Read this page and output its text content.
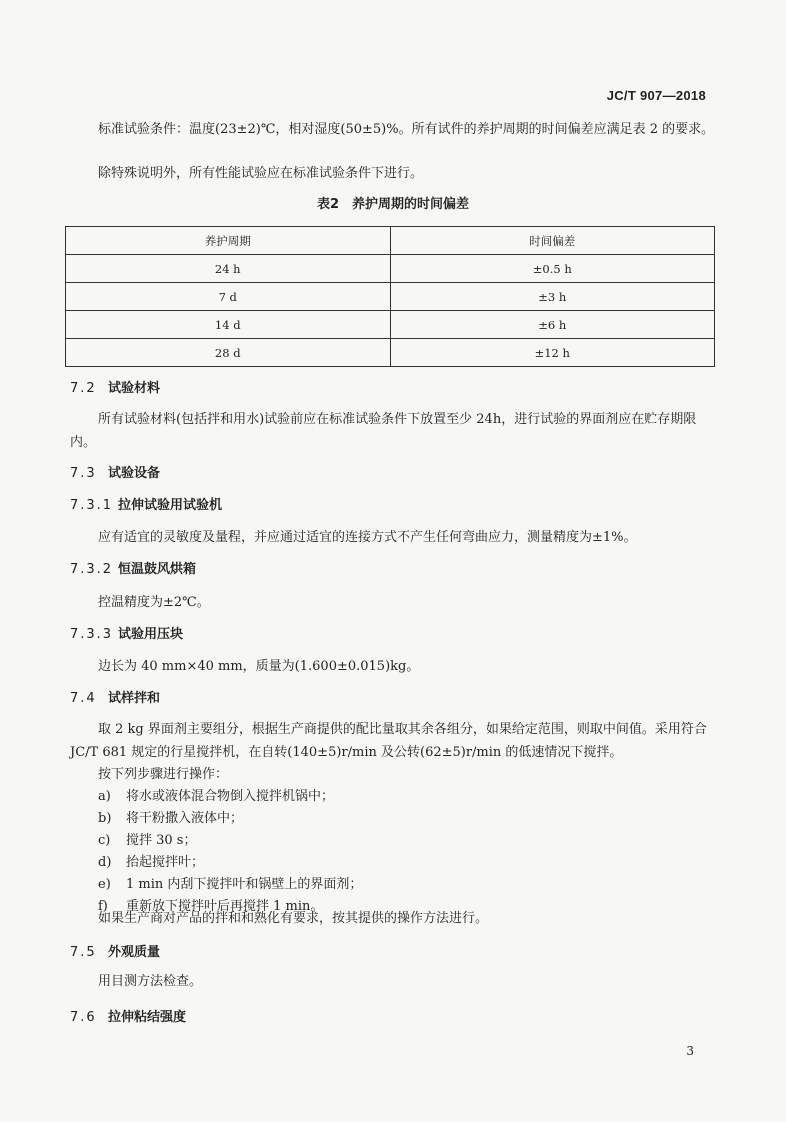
JC/T 907—2018

标准试验条件：温度(23±2)℃，相对湿度(50±5)%。所有试件的养护周期的时间偏差应满足表 2 的要求。

除特殊说明外，所有性能试验应在标准试验条件下进行。

表2　养护周期的时间偏差
养护周期	时间偏差
24 h	±0.5 h
7 d	±3 h
14 d	±6 h
28 d	±12 h
7.2 试验材料

所有试验材料(包括拌和用水)试验前应在标准试验条件下放置至少 24h，进行试验的界面剂应在贮存期限内。

7.3 试验设备
7.3.1 拉伸试验用试验机

应有适宜的灵敏度及量程，并应通过适宜的连接方式不产生任何弯曲应力，测量精度为±1%。

7.3.2 恒温鼓风烘箱

控温精度为±2℃。

7.3.3 试验用压块

边长为 40 mm×40 mm，质量为(1.600±0.015)kg。

7.4 试样拌和

取 2 kg 界面剂主要组分，根据生产商提供的配比量取其余各组分，如果给定范围，则取中间值。采用符合 JC/T 681 规定的行星搅拌机，在自转(140±5)r/min 及公转(62±5)r/min 的低速情况下搅拌。

按下列步骤进行操作：

a) 将水或液体混合物倒入搅拌机锅中；
b) 将干粉撒入液体中；
c) 搅拌 30 s；
d) 抬起搅拌叶；
e) 1 min 内刮下搅拌叶和锅壁上的界面剂；
f) 重新放下搅拌叶后再搅拌 1 min。

如果生产商对产品的拌和和熟化有要求，按其提供的操作方法进行。

7.5 外观质量

用目测方法检查。

7.6 拉伸粘结强度
3
